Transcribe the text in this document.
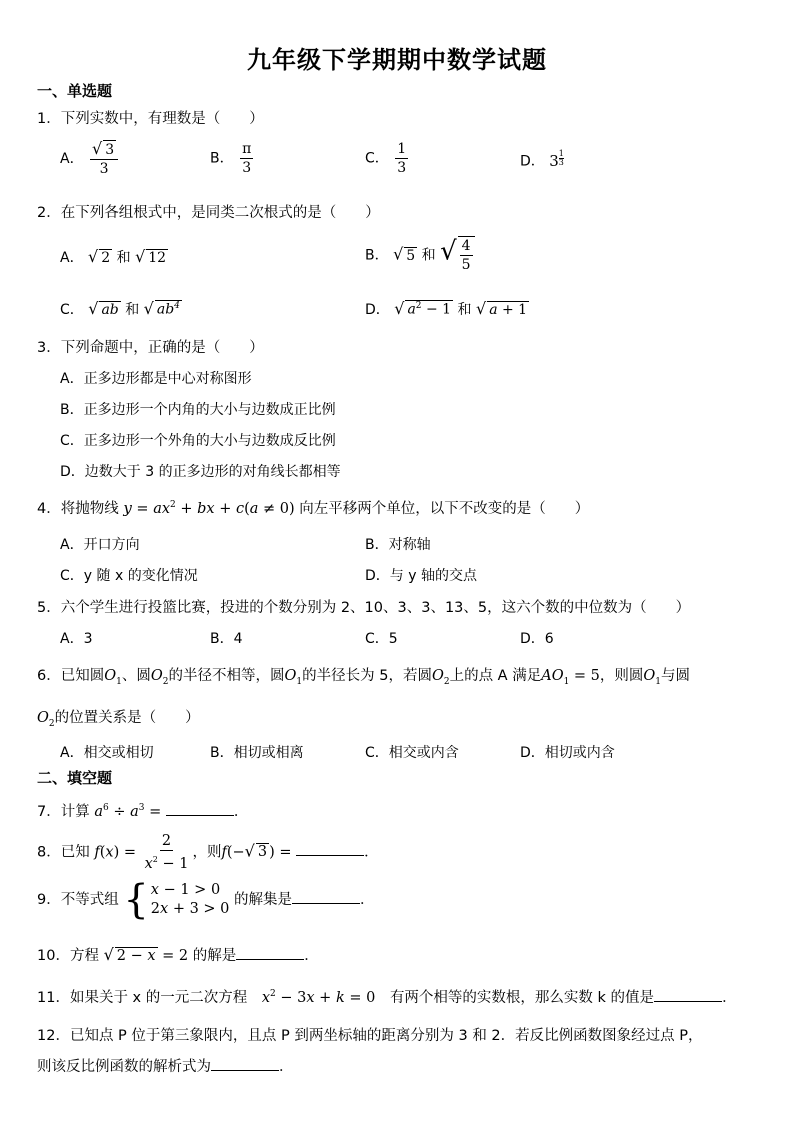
九年级下学期期中数学试题
一、单选题
1．下列实数中，有理数是（　　）
A． $\frac{√ 3}{3}$	B． $\frac{\pi}{3}$	C． $\frac{1}{3}$	D． 3 $^{\frac{1}{3}}$
2．在下列各组根式中，是同类二次根式的是（　　）
A． √ 2 和 √ 12	B． √ 5 和 √ $\frac{4}{5}$
C． √ ab 和 √ $ab^4$	D． √ $a^2 - 1$ 和 √ a + 1
3．下列命题中，正确的是（　　）
A．正多边形都是中心对称图形
B．正多边形一个内角的大小与边数成正比例
C．正多边形一个外角的大小与边数成反比例
D．边数大于 3 的正多边形的对角线长都相等
4．将抛物线 $y = ax^2$ + bx + c(a ≠ 0) 向左平移两个单位，以下不改变的是（　　）
A．开口方向	B．对称轴
C．y 随 x 的变化情况	D．与 y 轴的交点
5．六个学生进行投篮比赛，投进的个数分别为 2、10、3、3、13、5，这六个数的中位数为（　　）
A．3	B．4	C．5	D．6
6．已知圆$O_1$、圆$O_2$的半径不相等，圆$O_1$的半径长为 5，若圆$O_2$上的点 A 满足$AO_1 = 5$，则圆$O_1$与圆
$O_2$的位置关系是（　　）
A．相交或相切	B．相切或相离	C．相交或内含	D．相切或内含
二、填空题
7．计算 $a^6 \div a^3$ =	．
8．已知 $f(x) = \frac{2}{x^2 - 1}$ ，则f(−√ 3 ) =	．
9．不等式组 { x − 1 > 0
2x + 3 > 0
的解集是	．
10．方程 √ 2 − x = 2 的解是	．
11．如果关于 x 的一元二次方程 $x^2 - 3x + k = 0$ 有两个相等的实数根，那么实数 k 的值是	．
12．已知点 P 位于第三象限内，且点 P 到两坐标轴的距离分别为 3 和 2．若反比例函数图象经过点 P，
则该反比例函数的解析式为	．
